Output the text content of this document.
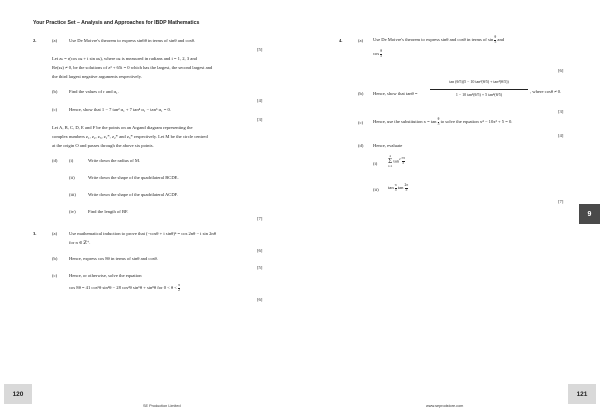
Your Practice Set – Analysis and Approaches for IBDP Mathematics
2.	(a)	Use De Moivre's theorem to express sin6θ in terms of sinθ and cosθ.
[5]
Let zₖ = r(cos αₖ + i sin αₖ), where αₖ is measured in radians and i = 1, 2, 3 and
Re(zₖ) ≠ 0, be the solutions of z³ + 65i = 0 which has the largest, the second largest and
the third largest negative arguments respectively.
(b)	Find the values of r and α₁.
[4]
(c)	Hence, show that 1 − 7 tan² α₁ + 7 tan⁴ α₁ − tan⁶ α₁ = 0.
[3]
Let A, B, C, D, E and F be the points on an Argand diagram representing the
complex numbers z₁, z₂, z₃, z₁*, z₂* and z₃* respectively. Let M be the circle centred
at the origin O and passes through the above six points.
(d)	(i)	Write down the radius of M.
(ii)	Write down the shape of the quadrilateral BCDE.
(iii)	Write down the shape of the quadrilateral ACDF.
(iv)	Find the length of BF.
[7]
3.	(a)	Use mathematical induction to prove that (−cosθ + i sinθ)ⁿ = cos 2nθ − i sin 2nθ
for n ∈ ℤ⁺.
[6]
(b)	Hence, express cos 8θ in terms of sinθ and cosθ.
[5]
(c)	Hence, or otherwise, solve the equation
cos 8θ = 41 cos⁶θ sin²θ − 28 cos²θ sin⁶θ + sin⁸θ for $0 < \theta < \frac{\pi}{2}$
[6]
4.	(a) Use De Moivre's theorem to express sinθ and cosθ in terms of $\sin \frac{\theta}{5}$ and
$\cos \frac{\theta}{5}$
[6]
(b) Hence, show that tanθ =
tan (θ/5)(5 − 10 tan²(θ/5) + tan⁴(θ/5))
1 − 10 tan²(θ/5) + 5 tan⁴(θ/5)
, where cosθ ≠ 0.
[3]
(c) Hence, use the substitution $x = \tan \frac{\theta}{5}$ to solve the equation x⁴ − 10x² + 5 = 0.
[4]
(d) Hence, evaluate
(i)
4
Σ
r=1
$\tan^2 \frac{r\pi}{5}$
(ii) $\tan \frac{\pi}{5}$ $\tan \frac{2\pi}{5}$
[7]
9
120	121
SE Production Limited	www.seprodstore.com
